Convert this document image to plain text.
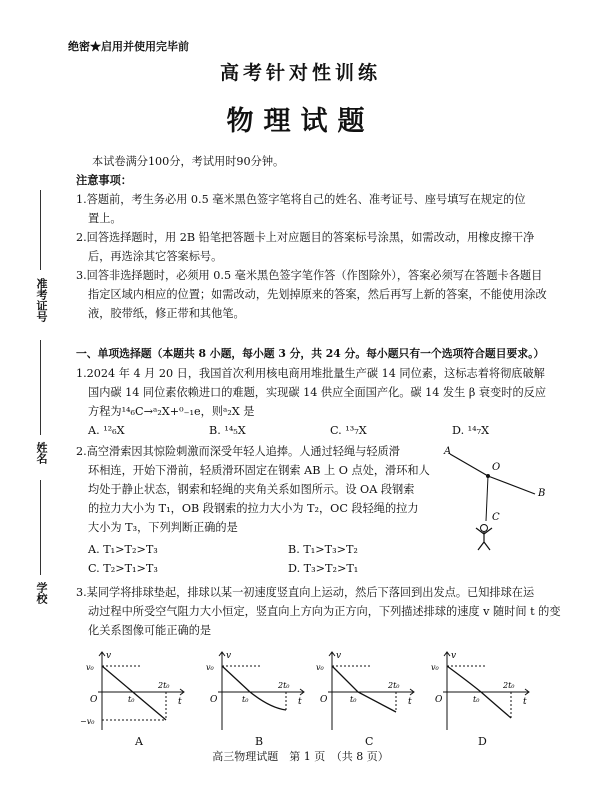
绝密★启用并使用完毕前
高考针对性训练
物理试题
准考证号
姓名
学校
本试卷满分100分，考试用时90分钟。
注意事项：
1.答题前，考生务必用 0.5 毫米黑色签字笔将自己的姓名、准考证号、座号填写在规定的位
置上。
2.回答选择题时，用 2B 铅笔把答题卡上对应题目的答案标号涂黑，如需改动，用橡皮擦干净
后，再选涂其它答案标号。
3.回答非选择题时，必须用 0.5 毫米黑色签字笔作答（作图除外），答案必须写在答题卡各题目
指定区域内相应的位置；如需改动，先划掉原来的答案，然后再写上新的答案，不能使用涂改
液，胶带纸，修正带和其他笔。
一、单项选择题（本题共 8 小题，每小题 3 分，共 24 分。每小题只有一个选项符合题目要求。）
1.2024 年 4 月 20 日，我国首次利用核电商用堆批量生产碳 14 同位素，这标志着将彻底破解
国内碳 14 同位素依赖进口的难题，实现碳 14 供应全面国产化。碳 14 发生 β 衰变时的反应
方程为¹⁴₆C→ᵃ₂X+⁰₋₁e，则ᵃ₂X 是
A. ¹²₆X	B. ¹⁴₅X	C. ¹³₇X	D. ¹⁴₇X
2.高空滑索因其惊险刺激而深受年轻人追捧。人通过轻绳与轻质滑
环相连，开始下滑前，轻质滑环固定在钢索 AB 上 O 点处，滑环和人
均处于静止状态，钢索和轻绳的夹角关系如图所示。设 OA 段钢索
的拉力大小为 T₁，OB 段钢索的拉力大小为 T₂，OC 段轻绳的拉力
大小为 T₃，下列判断正确的是
A. T₁>T₂>T₃	B. T₁>T₃>T₂
C. T₂>T₁>T₃	D. T₃>T₂>T₁
A
O
B
C
3.某同学将排球垫起，排球以某一初速度竖直向上运动，然后下落回到出发点。已知排球在运
动过程中所受空气阻力大小恒定，竖直向上方向为正方向，下列描述排球的速度 v 随时间 t 的变
化关系图像可能正确的是
v
t
O
v₀
−v₀
t₀
2t₀
A
v
t
O
v₀
t₀
2t₀
B
v
t
O
v₀
t₀
2t₀
C
v
t
O
v₀
t₀
2t₀
D
高三物理试题　第 1 页　（共 8 页）
